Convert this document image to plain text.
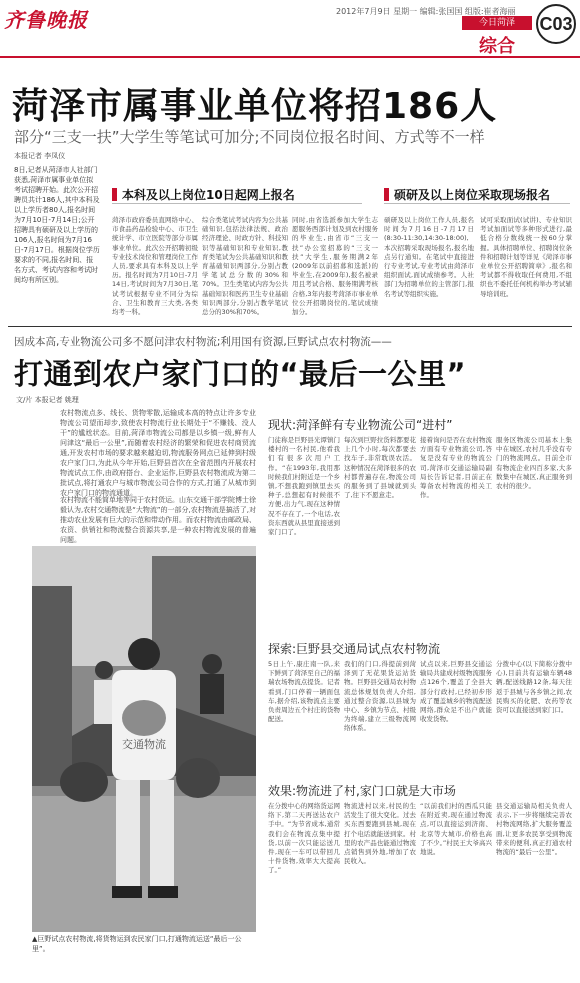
齐鲁晚报	2012年7月9日 星期一 编辑:张国国 组版:崔者海丽
今日菏泽
综合
C03
菏泽市属事业单位将招186人
部分“三支一扶”大学生等笔试可加分;不同岗位报名时间、方式等不一样
本报记者 李凤仪
8日,记者从菏泽市人社部门获悉,菏泽市属事业单位拟考试招聘开始。此次公开招聘员共计186人,其中本科及以上学历者80人,报名时间为7月10日-7月14日;公开招聘具有硕研及以上学历的106人,报名时间为7月16日-7月17日。根据岗位学历要求的不同,报名时间、报名方式、考试内容和考试时间均有所区别。
本科及以上岗位10日起网上报名	硕研及以上岗位采取现场报名
菏泽市政府委员直网络中心、市食品药品检验中心、市卫生统计学、市立医院等部分市属事业单位。此次公开招聘初级专业技术岗位和管理岗位工作人员,要求具有本科及以上学历。报名时间为7月10日-7月14日,考试时间为7月30日,笔试考试根据专业不同分为综合、卫生和教育三大类,各类均考一科。
综合类笔试考试内容为公共基础知识,包括法律法规、政治经济理论、时政方针、科技知识等基础知识和专业知识,教育类笔试为公共基础知识和教育基础知识两部分,分别占教学笔试总分数的30%和70%。卫生类笔试内容为公共基础知识和医药卫生专业基础知识两部分,分别占教学笔试总分的30%和70%。
同时,由省选派参加大学生志愿服务西部计划及到农村服务的毕业生,由省市“三支一扶”办公室招募的“三支一扶”大学生,服务期满2年(2009年以前招募和选派)的毕业生,在2009年),报名被录用且考试合格、服务期满考核合格,3年内报考菏泽市事业单位公开招聘岗位的,笔试成绩加分。
硕研及以上岗位工作人员,报名时间为7月16日-7月17日(8:30-11:30,14:30-18:00),本次招聘采取现场报名,报名地点另行通知。在笔试中直接进行专业考试,专业考试由菏泽市组织面试,面试成绩参考。人社部门为招聘单位的主管部门,报名考试等组织实施。
试可采取面试(试讲)、专业知识考试加面试等多种形式进行,最低合格分数线统一按60分掌握。具体招聘单位、招聘岗位条件和招聘计划等详见《菏泽市事业单位公开招聘简章》,报名和考试都不得收取任何费用,不组织也不委托任何机构举办考试辅导培训班。
因成本高,专业物流公司多不愿问津农村物流;利用国有资源,巨野试点农村物流——
打通到农户家门口的“最后一公里”
文/片 本报记者 姚理
农村物流点多、线长、货物零散,运输成本高的特点让许多专业物流公司望而却步,致使农村物流行业长期处于“不赚钱、没人干”的尴尬状态。目前,菏泽市物流公司都是以乡镇一级,鲜有人问津这“最后一公里”,而随着农村经济的繁荣和促进农村商贸流通,开发农村市场的要求越来越迫切,物流服务网点已延伸到村级农户家门口,为此从今年开始,巨野县首次在全省范围内开展农村物流试点工作,由政府搭台、企业运作,巨野县农村物流成为第二批试点,将打通农户与城市物流公司合作的方式,打通了从城市到农户家门口的物流通道。
农村物流不能简单地等同于农村货运。山东交通干部学院博士徐毅认为,农村交通物流是“大物流”的一部分,农村物流是搞活了,对推动农业发展有巨大的示范和带动作用。而农村物流由邮政局、农资、供销社和物流整合资源共享,是一种农村物流发展的普遍问题。
现状:菏泽鲜有专业物流公司“进村”
门徒称是巨野县光谭镇门楼村的一名村民,他看我们有很多次用户工作。“在1993年,我用那时候我们村附近是一个乡镇,不想我跑到镇里去买种子,总想起有时候很不方便,出力气,现在这种情况不存在了,一个电话,农资东西就从县里直接送到家门口了。
每次到巨野拉货料都要花上几个小时,每次都要去找车子,非常耽误农活。这种情况在菏泽很多的农村都普遍存在,物流公司的服务到了县城就到头了,往下不愿意走。
接着询问是否在农村物流方面有专业物流公司,答复是没有专业的物流公司,菏泽市交通运输局副局长告诉记者,目前正在筹备农村物流的相关工作。
服务区物流公司基本上集中在城区,农村几乎没有专门的物流网点。目前全市有物流企业四百多家,大多数集中在城区,真正服务到农村的很少。
探索:巨野县交通局试点农村物流
5日上午,康庄南一队,来下鲜到了菏泽至自己的福瑞农场物流点提货。记者看到,门口停着一辆面包车,据介绍,该物流点主要负责周边五个村庄的货物配送。
我们的门口,得提前到菏泽到了无花果货运站货物。巨野县交通局农村物流总体规划负责人介绍,通过整合资源,以县城为中心、乡镇为节点、村级为终端,建立三级物流网络体系。
试点以来,巨野县交通运输局共建成村级物流服务点126个,覆盖了全县大部分行政村,已经初步形成了覆盖城乡的物流配送网络,群众足不出户就能收发货物。
分拨中心(以下简称分拨中心),目前共有运输车辆48辆,配送线路12条,每天往返于县城与各乡镇之间,农民购买的化肥、农药等农资可以直接送到家门口。
效果:物流进了村,家门口就是大市场
在分拨中心的网络货运网络下,第二天再送达农户手中。“为节省成本,通常我们会在物流点集中提货,以前一次只能运送几件,现在一车可以带回几十件货物,效率大大提高了。”
物流进村以来,村民的生活发生了很大变化。过去买东西要跑到县城,现在打个电话就能送到家。村里的农产品也能通过物流点销售到外地,增加了农民收入。
“以前我们村的西瓜只能在附近卖,现在通过物流点,可以直接运到济南、北京等大城市,价格也高了不少。”村民王大爷高兴地说。
县交通运输局相关负责人表示,下一步将继续完善农村物流网络,扩大服务覆盖面,让更多农民享受到物流带来的便利,真正打通农村物流的“最后一公里”。
交通物流
▲巨野试点农村物流,将货物运到农民家门口,打通物流运送“最后一公里”。
